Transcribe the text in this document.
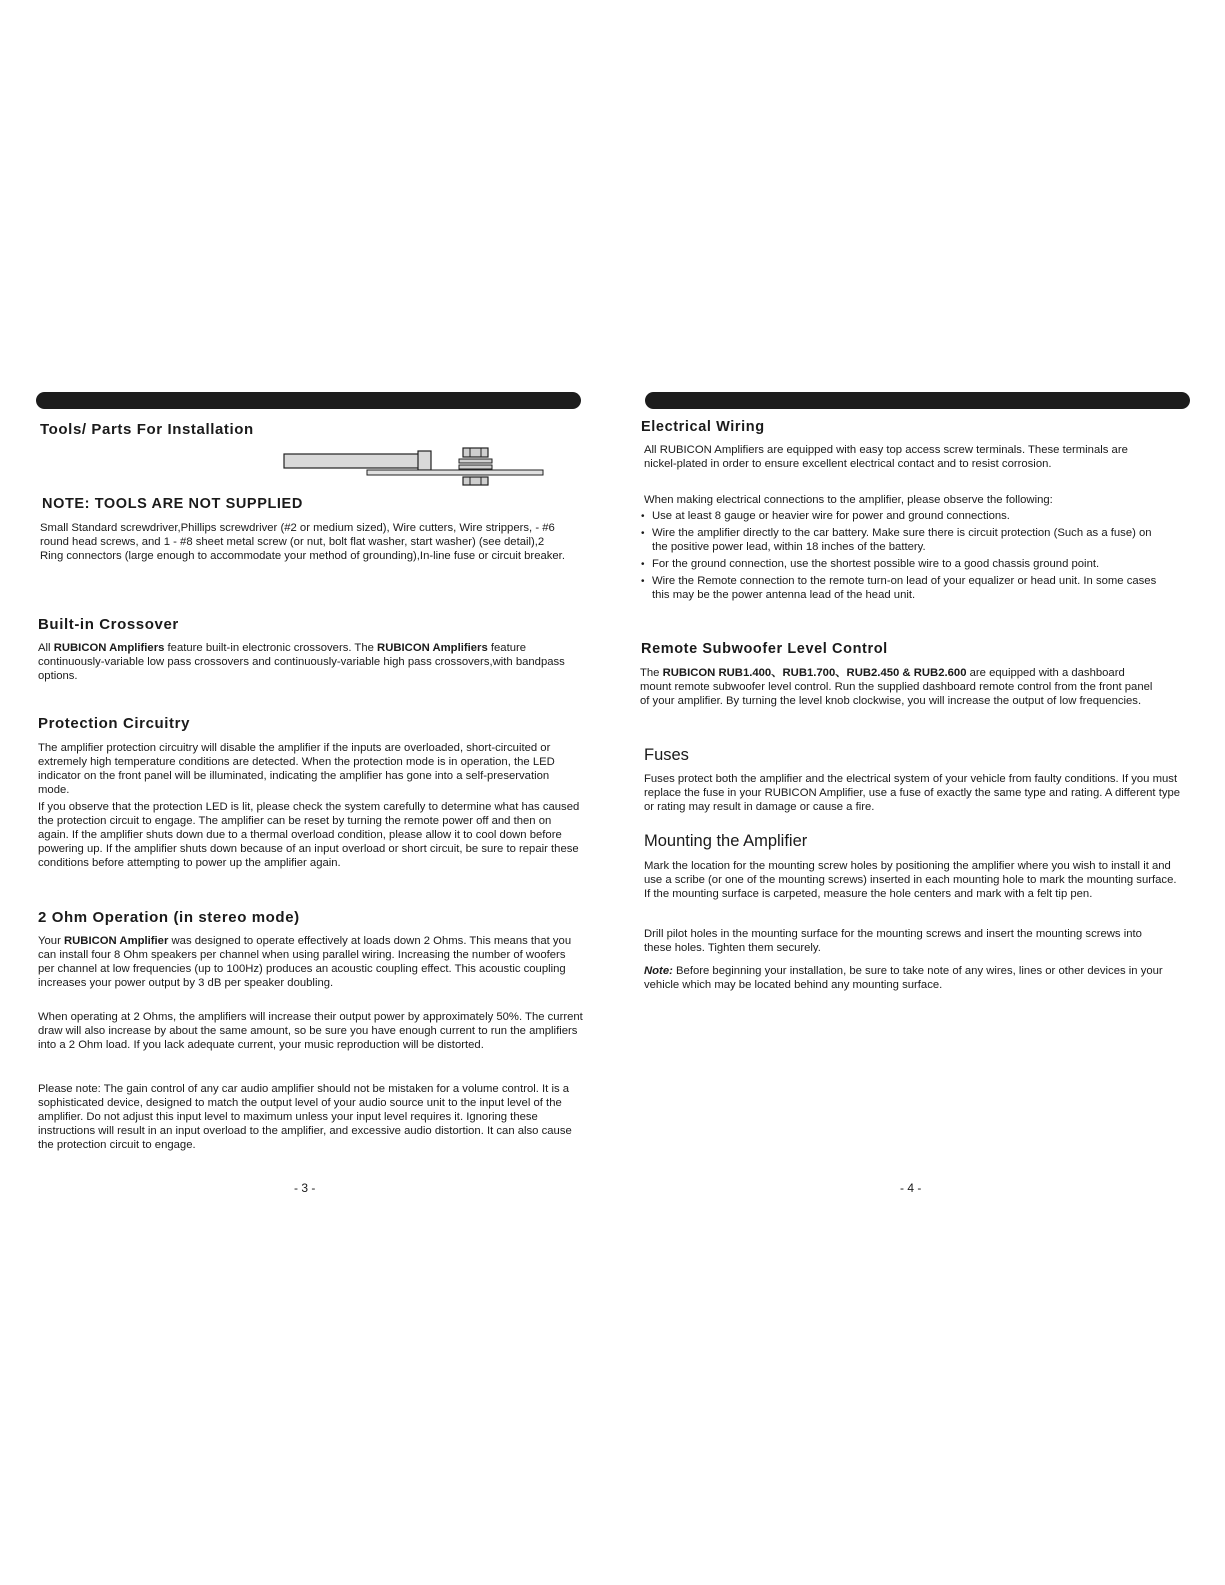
Tools/ Parts For Installation
NOTE: TOOLS ARE NOT SUPPLIED

Small Standard screwdriver,Phillips screwdriver (#2 or medium sized), Wire cutters, Wire strippers, - #6 round head screws, and 1 - #8 sheet metal screw (or nut, bolt flat washer, start washer) (see detail),2 Ring connectors (large enough to accommodate your method of grounding),In-line fuse or circuit breaker.

Built-in Crossover

All RUBICON Amplifiers feature built-in electronic crossovers. The RUBICON Amplifiers feature continuously-variable low pass crossovers and continuously-variable high pass crossovers,with bandpass options.

Protection Circuitry

The amplifier protection circuitry will disable the amplifier if the inputs are overloaded, short-circuited or extremely high temperature conditions are detected. When the protection mode is in operation, the LED indicator on the front panel will be illuminated, indicating the amplifier has gone into a self-preservation mode.

If you observe that the protection LED is lit, please check the system carefully to determine what has caused the protection circuit to engage. The amplifier can be reset by turning the remote power off and then on again. If the amplifier shuts down due to a thermal overload condition, please allow it to cool down before powering up. If the amplifier shuts down because of an input overload or short circuit, be sure to repair these conditions before attempting to power up the amplifier again.

2 Ohm Operation (in stereo mode)

Your RUBICON Amplifier was designed to operate effectively at loads down 2 Ohms. This means that you can install four 8 Ohm speakers per channel when using parallel wiring. Increasing the number of woofers per channel at low frequencies (up to 100Hz) produces an acoustic coupling effect. This acoustic coupling increases your power output by 3 dB per speaker doubling.

When operating at 2 Ohms, the amplifiers will increase their output power by approximately 50%. The current draw will also increase by about the same amount, so be sure you have enough current to run the amplifiers into a 2 Ohm load. If you lack adequate current, your music reproduction will be distorted.

Please note: The gain control of any car audio amplifier should not be mistaken for a volume control. It is a sophisticated device, designed to match the output level of your audio source unit to the input level of the amplifier. Do not adjust this input level to maximum unless your input level requires it. Ignoring these instructions will result in an input overload to the amplifier, and excessive audio distortion. It can also cause the protection circuit to engage.

- 3 -
Electrical Wiring

All RUBICON Amplifiers are equipped with easy top access screw terminals. These terminals are nickel-plated in order to ensure excellent electrical contact and to resist corrosion.

When making electrical connections to the amplifier, please observe the following:

• Use at least 8 gauge or heavier wire for power and ground connections.
• Wire the amplifier directly to the car battery. Make sure there is circuit protection (Such as a fuse) on the positive power lead, within 18 inches of the battery.
• For the ground connection, use the shortest possible wire to a good chassis ground point.
• Wire the Remote connection to the remote turn-on lead of your equalizer or head unit. In some cases this may be the power antenna lead of the head unit.
Remote Subwoofer Level Control

The RUBICON RUB1.400、RUB1.700、RUB2.450 & RUB2.600 are equipped with a dashboard mount remote subwoofer level control. Run the supplied dashboard remote control from the front panel of your amplifier. By turning the level knob clockwise, you will increase the output of low frequencies.

Fuses

Fuses protect both the amplifier and the electrical system of your vehicle from faulty conditions. If you must replace the fuse in your RUBICON Amplifier, use a fuse of exactly the same type and rating. A different type or rating may result in damage or cause a fire.

Mounting the Amplifier

Mark the location for the mounting screw holes by positioning the amplifier where you wish to install it and use a scribe (or one of the mounting screws) inserted in each mounting hole to mark the mounting surface. If the mounting surface is carpeted, measure the hole centers and mark with a felt tip pen.

Drill pilot holes in the mounting surface for the mounting screws and insert the mounting screws into these holes. Tighten them securely.

Note: Before beginning your installation, be sure to take note of any wires, lines or other devices in your vehicle which may be located behind any mounting surface.

- 4 -
